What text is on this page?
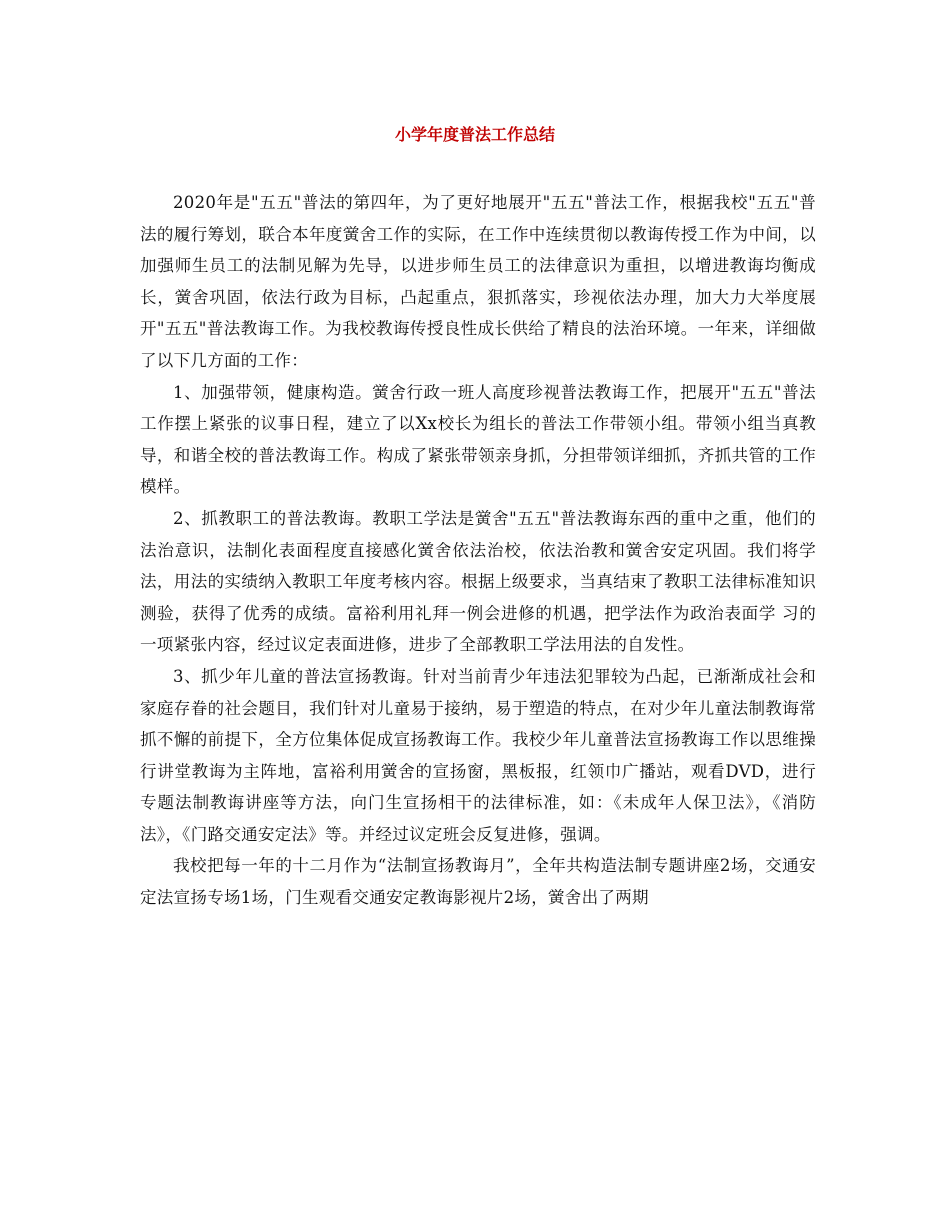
小学年度普法工作总结

2020年是"五五"普法的第四年，为了更好地展开"五五"普法工作，根据我校"五五"普法的履行筹划，联合本年度黉舍工作的实际，在工作中连续贯彻以教诲传授工作为中间，以加强师生员工的法制见解为先导，以进步师生员工的法律意识为重担，以增进教诲均衡成长，黉舍巩固，依法行政为目标，凸起重点，狠抓落实，珍视依法办理，加大力大举度展开"五五"普法教诲工作。为我校教诲传授良性成长供给了精良的法治环境。一年来，详细做了以下几方面的工作：

1、加强带领，健康构造。黉舍行政一班人高度珍视普法教诲工作，把展开"五五"普法工作摆上紧张的议事日程，建立了以Xx校长为组长的普法工作带领小组。带领小组当真教导，和谐全校的普法教诲工作。构成了紧张带领亲身抓，分担带领详细抓，齐抓共管的工作模样。

2、抓教职工的普法教诲。教职工学法是黉舍"五五"普法教诲东西的重中之重，他们的法治意识，法制化表面程度直接感化黉舍依法治校，依法治教和黉舍安定巩固。我们将学法，用法的实绩纳入教职工年度考核内容。根据上级要求，当真结束了教职工法律标准知识测验，获得了优秀的成绩。富裕利用礼拜一例会进修的机遇，把学法作为政治表面学 习的一项紧张内容，经过议定表面进修，进步了全部教职工学法用法的自发性。

3、抓少年儿童的普法宣扬教诲。针对当前青少年违法犯罪较为凸起，已渐渐成社会和家庭存眷的社会题目，我们针对儿童易于接纳，易于塑造的特点，在对少年儿童法制教诲常抓不懈的前提下，全方位集体促成宣扬教诲工作。我校少年儿童普法宣扬教诲工作以思维操行讲堂教诲为主阵地，富裕利用黉舍的宣扬窗，黑板报，红领巾广播站，观看DVD，进行专题法制教诲讲座等方法，向门生宣扬相干的法律标准，如：《未成年人保卫法》，《消防法》，《门路交通安定法》等。并经过议定班会反复进修，强调。

我校把每一年的十二月作为“法制宣扬教诲月”，全年共构造法制专题讲座2场，交通安定法宣扬专场1场，门生观看交通安定教诲影视片2场，黉舍出了两期
